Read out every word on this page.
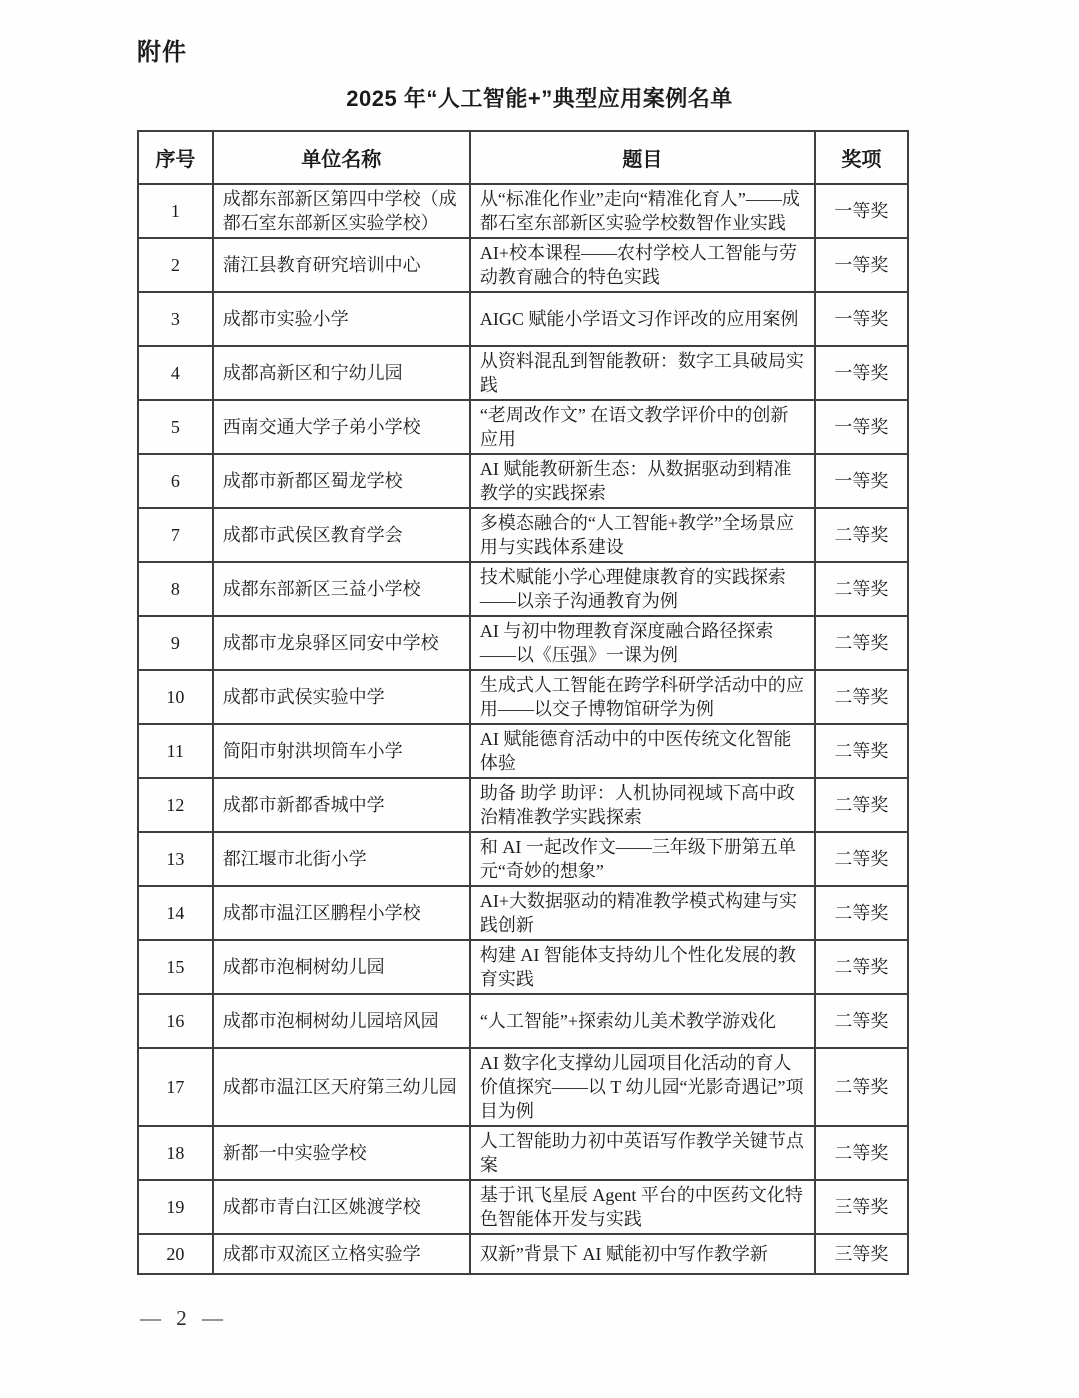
附件
2025 年“人工智能+”典型应用案例名单
序号	单位名称	题目	奖项
1	成都东部新区第四中学校（成都石室东部新区实验学校）	从“标准化作业”走向“精准化育人”——成都石室东部新区实验学校数智作业实践	一等奖
2	蒲江县教育研究培训中心	AI+校本课程——农村学校人工智能与劳动教育融合的特色实践	一等奖
3	成都市实验小学	AIGC 赋能小学语文习作评改的应用案例	一等奖
4	成都高新区和宁幼儿园	从资料混乱到智能教研：数字工具破局实践	一等奖
5	西南交通大学子弟小学校	“老周改作文” 在语文教学评价中的创新应用	一等奖
6	成都市新都区蜀龙学校	AI 赋能教研新生态：从数据驱动到精准教学的实践探索	一等奖
7	成都市武侯区教育学会	多模态融合的“人工智能+教学”全场景应用与实践体系建设	二等奖
8	成都东部新区三益小学校	技术赋能小学心理健康教育的实践探索——以亲子沟通教育为例	二等奖
9	成都市龙泉驿区同安中学校	AI 与初中物理教育深度融合路径探索——以《压强》一课为例	二等奖
10	成都市武侯实验中学	生成式人工智能在跨学科研学活动中的应用——以交子博物馆研学为例	二等奖
11	简阳市射洪坝筒车小学	AI 赋能德育活动中的中医传统文化智能体验	二等奖
12	成都市新都香城中学	助备 助学 助评：人机协同视域下高中政治精准教学实践探索	二等奖
13	都江堰市北街小学	和 AI 一起改作文——三年级下册第五单元“奇妙的想象”	二等奖
14	成都市温江区鹏程小学校	AI+大数据驱动的精准教学模式构建与实践创新	二等奖
15	成都市泡桐树幼儿园	构建 AI 智能体支持幼儿个性化发展的教育实践	二等奖
16	成都市泡桐树幼儿园培风园	“人工智能”+探索幼儿美术教学游戏化	二等奖
17	成都市温江区天府第三幼儿园	AI 数字化支撑幼儿园项目化活动的育人价值探究——以 T 幼儿园“光影奇遇记”项目为例	二等奖
18	新都一中实验学校	人工智能助力初中英语写作教学关键节点案	二等奖
19	成都市青白江区姚渡学校	基于讯飞星辰 Agent 平台的中医药文化特色智能体开发与实践	三等奖
20	成都市双流区立格实验学	双新”背景下 AI 赋能初中写作教学新	三等奖
— 2 —
